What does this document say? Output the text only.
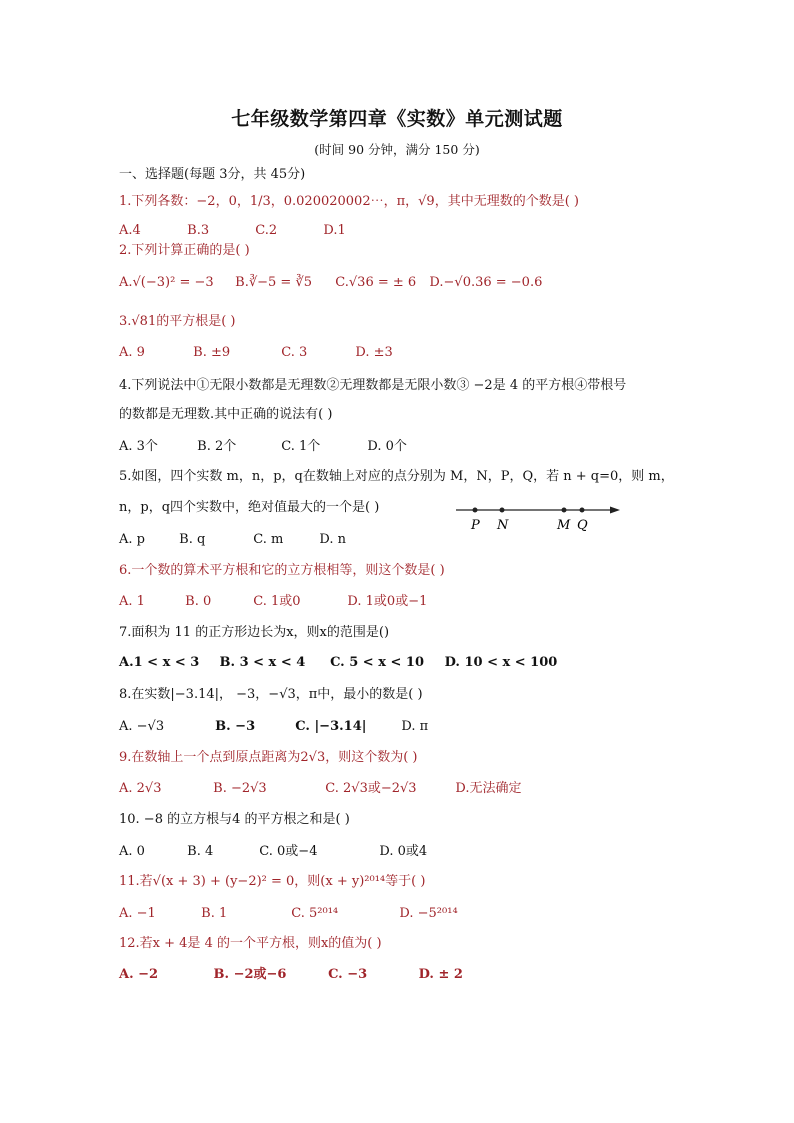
七年级数学第四章《实数》单元测试题
(时间 90 分钟，满分 150 分)
一、选择题(每题 3分，共 45分)
1.下列各数：−2，0，1/3，0.020020002⋯，π，√9，其中无理数的个数是( )
A.4	B.3	C.2	D.1
2.下列计算正确的是( )
A.√(−3)² = −3 B.∛−5 = ∛5 C.√36 = ± 6 D.−√0.36 = −0.6
3.√81的平方根是( )
A. 9	B. ±9	C. 3	D. ±3
4.下列说法中①无限小数都是无理数②无理数都是无限小数③ −2是 4 的平方根④带根号
的数都是无理数.其中正确的说法有( )
A. 3个	B. 2个	C. 1个	D. 0个
5.如图，四个实数 m，n，p，q在数轴上对应的点分别为 M，N，P，Q，若 n + q=0，则 m，
n，p，q四个实数中，绝对值最大的一个是( )
P N	M Q
A. p	B. q	C. m	D. n
6.一个数的算术平方根和它的立方根相等，则这个数是( )
A. 1	B. 0	C. 1或0	D. 1或0或−1
7.面积为 11 的正方形边长为x，则x的范围是()
A.1 < x < 3 B. 3 < x < 4 C. 5 < x < 10 D. 10 < x < 100
8.在实数|−3.14|， −3，−√3，π中，最小的数是( )
A. −√3	B. −3	C. |−3.14|	D. π
9.在数轴上一个点到原点距离为2√3，则这个数为( )
A. 2√3	B. −2√3	C. 2√3或−2√3	D.无法确定
10. −8 的立方根与4 的平方根之和是( )
A. 0	B. 4	C. 0或−4	D. 0或4
11.若√(x + 3) + (y−2)² = 0，则(x + y)²⁰¹⁴等于( )
A. −1	B. 1	C. 5²⁰¹⁴	D. −5²⁰¹⁴
12.若x + 4是 4 的一个平方根，则x的值为( )
A. −2	B. −2或−6	C. −3	D. ± 2
